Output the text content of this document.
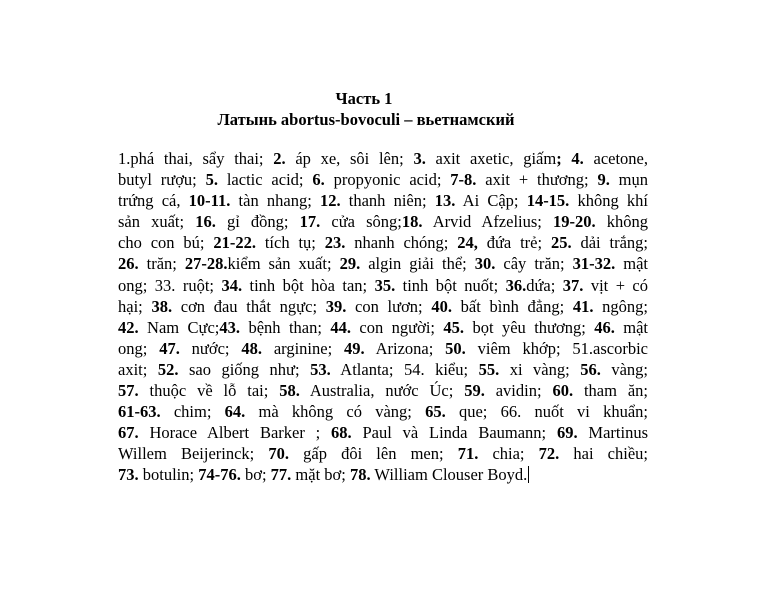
Часть 1
Латынь abortus-bovoculi – вьетнамский
1.phá thai, sẩy thai; 2. áp xe, sôi lên; 3. axit axetic, giấm; 4. acetone,
butyl rượu; 5. lactic acid; 6. propyonic acid; 7-8. axit + thương; 9. mụn
trứng cá, 10-11. tàn nhang; 12. thanh niên; 13. Ai Cập; 14-15. không khí
sản xuất; 16. gỉ đồng; 17. cửa sông;18. Arvid Afzelius; 19-20. không
cho con bú; 21-22. tích tụ; 23. nhanh chóng; 24, đứa trẻ; 25. dải trắng;
26. trăn; 27-28.kiểm sản xuất; 29. algin giải thể; 30. cây trăn; 31-32. mật
ong; 33. ruột; 34. tinh bột hòa tan; 35. tinh bột nuốt; 36.dứa; 37. vịt + có
hại; 38. cơn đau thắt ngực; 39. con lươn; 40. bất bình đẳng; 41. ngông;
42. Nam Cực;43. bệnh than; 44. con người; 45. bọt yêu thương; 46. mật
ong; 47. nước; 48. arginine; 49. Arizona; 50. viêm khớp; 51.ascorbic
axit; 52. sao giống như; 53. Atlanta; 54. kiểu; 55. xi vàng; 56. vàng;
57. thuộc về lỗ tai; 58. Australia, nước Úc; 59. avidin; 60. tham ăn;
61-63. chim; 64. mà không có vàng; 65. que; 66. nuốt vi khuẩn;
67. Horace Albert Barker ; 68. Paul và Linda Baumann; 69. Martinus
Willem Beijerinck; 70. gấp đôi lên men; 71. chia; 72. hai chiều;
73. botulin; 74-76. bơ; 77. mặt bơ; 78. William Clouser Boyd.
